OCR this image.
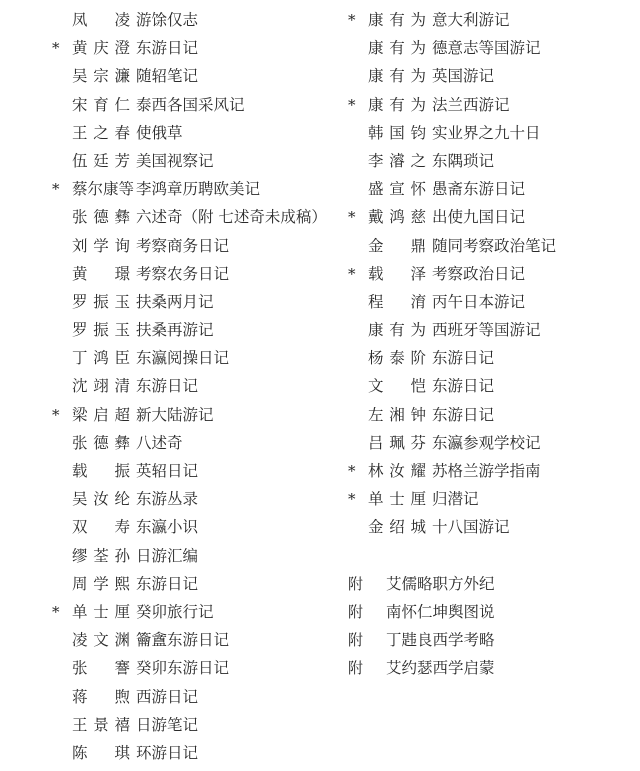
凤凌 游馀仅志
* 黄庆澄 东游日记
吴宗濂 随轺笔记
宋育仁 泰西各国采风记
王之春 使俄草
伍廷芳 美国视察记
* 蔡尔康等 李鸿章历聘欧美记
张德彝 六述奇（附 七述奇未成稿）
刘学询 考察商务日记
黄璟 考察农务日记
罗振玉 扶桑两月记
罗振玉 扶桑再游记
丁鸿臣 东瀛阅操日记
沈翊清 东游日记
* 梁启超 新大陆游记
张德彝 八述奇
载振 英轺日记
吴汝纶 东游丛录
双寿 东瀛小识
缪荃孙 日游汇编
周学熙 东游日记
* 单士厘 癸卯旅行记
凌文渊 籥盦东游日记
张謇 癸卯东游日记
蒋煦 西游日记
王景禧 日游笔记
陈琪 环游日记
* 康有为 意大利游记
康有为 德意志等国游记
康有为 英国游记
* 康有为 法兰西游记
韩国钧 实业界之九十日
李濬之 东隅琐记
盛宣怀 愚斋东游日记
* 戴鸿慈 出使九国日记
金鼎 随同考察政治笔记
* 载泽 考察政治日记
程淯 丙午日本游记
康有为 西班牙等国游记
杨泰阶 东游日记
文恺 东游日记
左湘钟 东游日记
吕珮芬 东瀛参观学校记
* 林汝耀 苏格兰游学指南
* 单士厘 归潜记
金绍城 十八国游记
附 艾儒略职方外纪
附 南怀仁坤舆图说
附 丁韪良西学考略
附 艾约瑟西学启蒙
